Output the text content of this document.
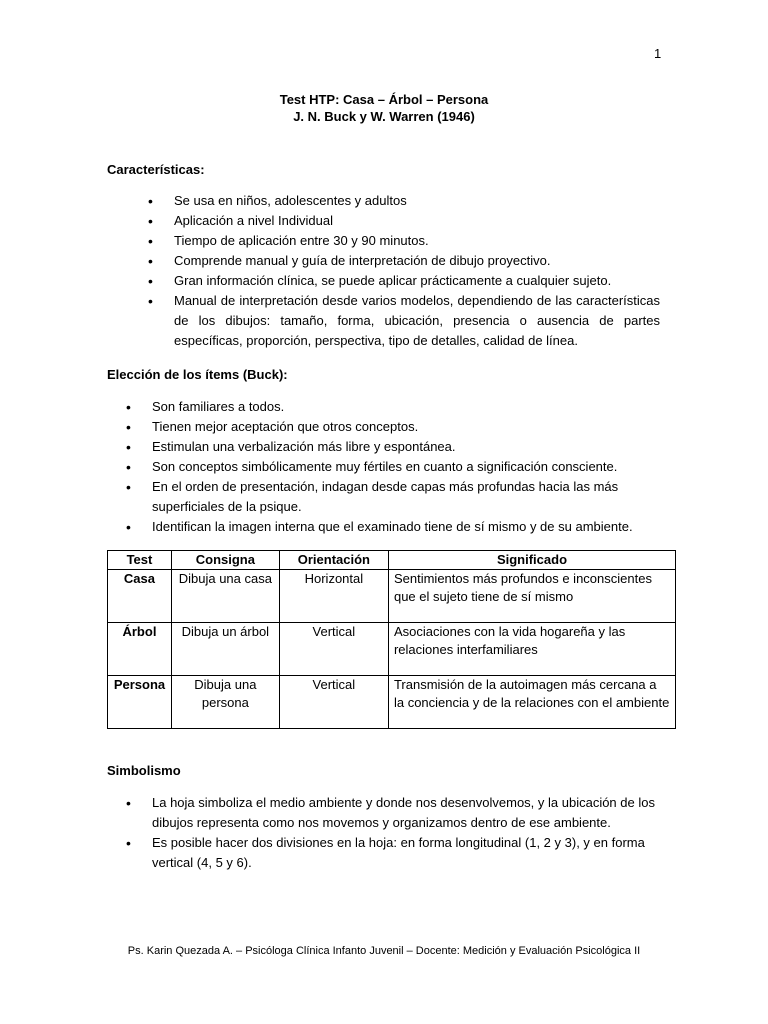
1
Test HTP: Casa – Árbol – Persona
J. N. Buck y W. Warren (1946)
Características:
• Se usa en niños, adolescentes y adultos
• Aplicación a nivel Individual
• Tiempo de aplicación entre 30 y 90 minutos.
• Comprende manual y guía de interpretación de dibujo proyectivo.
• Gran información clínica, se puede aplicar prácticamente a cualquier sujeto.
• Manual de interpretación desde varios modelos, dependiendo de las características de los dibujos: tamaño, forma, ubicación, presencia o ausencia de partes específicas, proporción, perspectiva, tipo de detalles, calidad de línea.
Elección de los ítems (Buck):
• Son familiares a todos.
• Tienen mejor aceptación que otros conceptos.
• Estimulan una verbalización más libre y espontánea.
• Son conceptos simbólicamente muy fértiles en cuanto a significación consciente.
• En el orden de presentación, indagan desde capas más profundas hacia las más superficiales de la psique.
• Identifican la imagen interna que el examinado tiene de sí mismo y de su ambiente.
Test	Consigna	Orientación	Significado
Casa	Dibuja una casa	Horizontal	Sentimientos más profundos e inconscientes que el sujeto tiene de sí mismo
Árbol	Dibuja un árbol	Vertical	Asociaciones con la vida hogareña y las relaciones interfamiliares
Persona	Dibuja una persona	Vertical	Transmisión de la autoimagen más cercana a la conciencia y de la relaciones con el ambiente
Simbolismo
• La hoja simboliza el medio ambiente y donde nos desenvolvemos, y la ubicación de los dibujos representa como nos movemos y organizamos dentro de ese ambiente.
• Es posible hacer dos divisiones en la hoja: en forma longitudinal (1, 2 y 3), y en forma vertical (4, 5 y 6).
Ps. Karin Quezada A. – Psicóloga Clínica Infanto Juvenil – Docente: Medición y Evaluación Psicológica II
